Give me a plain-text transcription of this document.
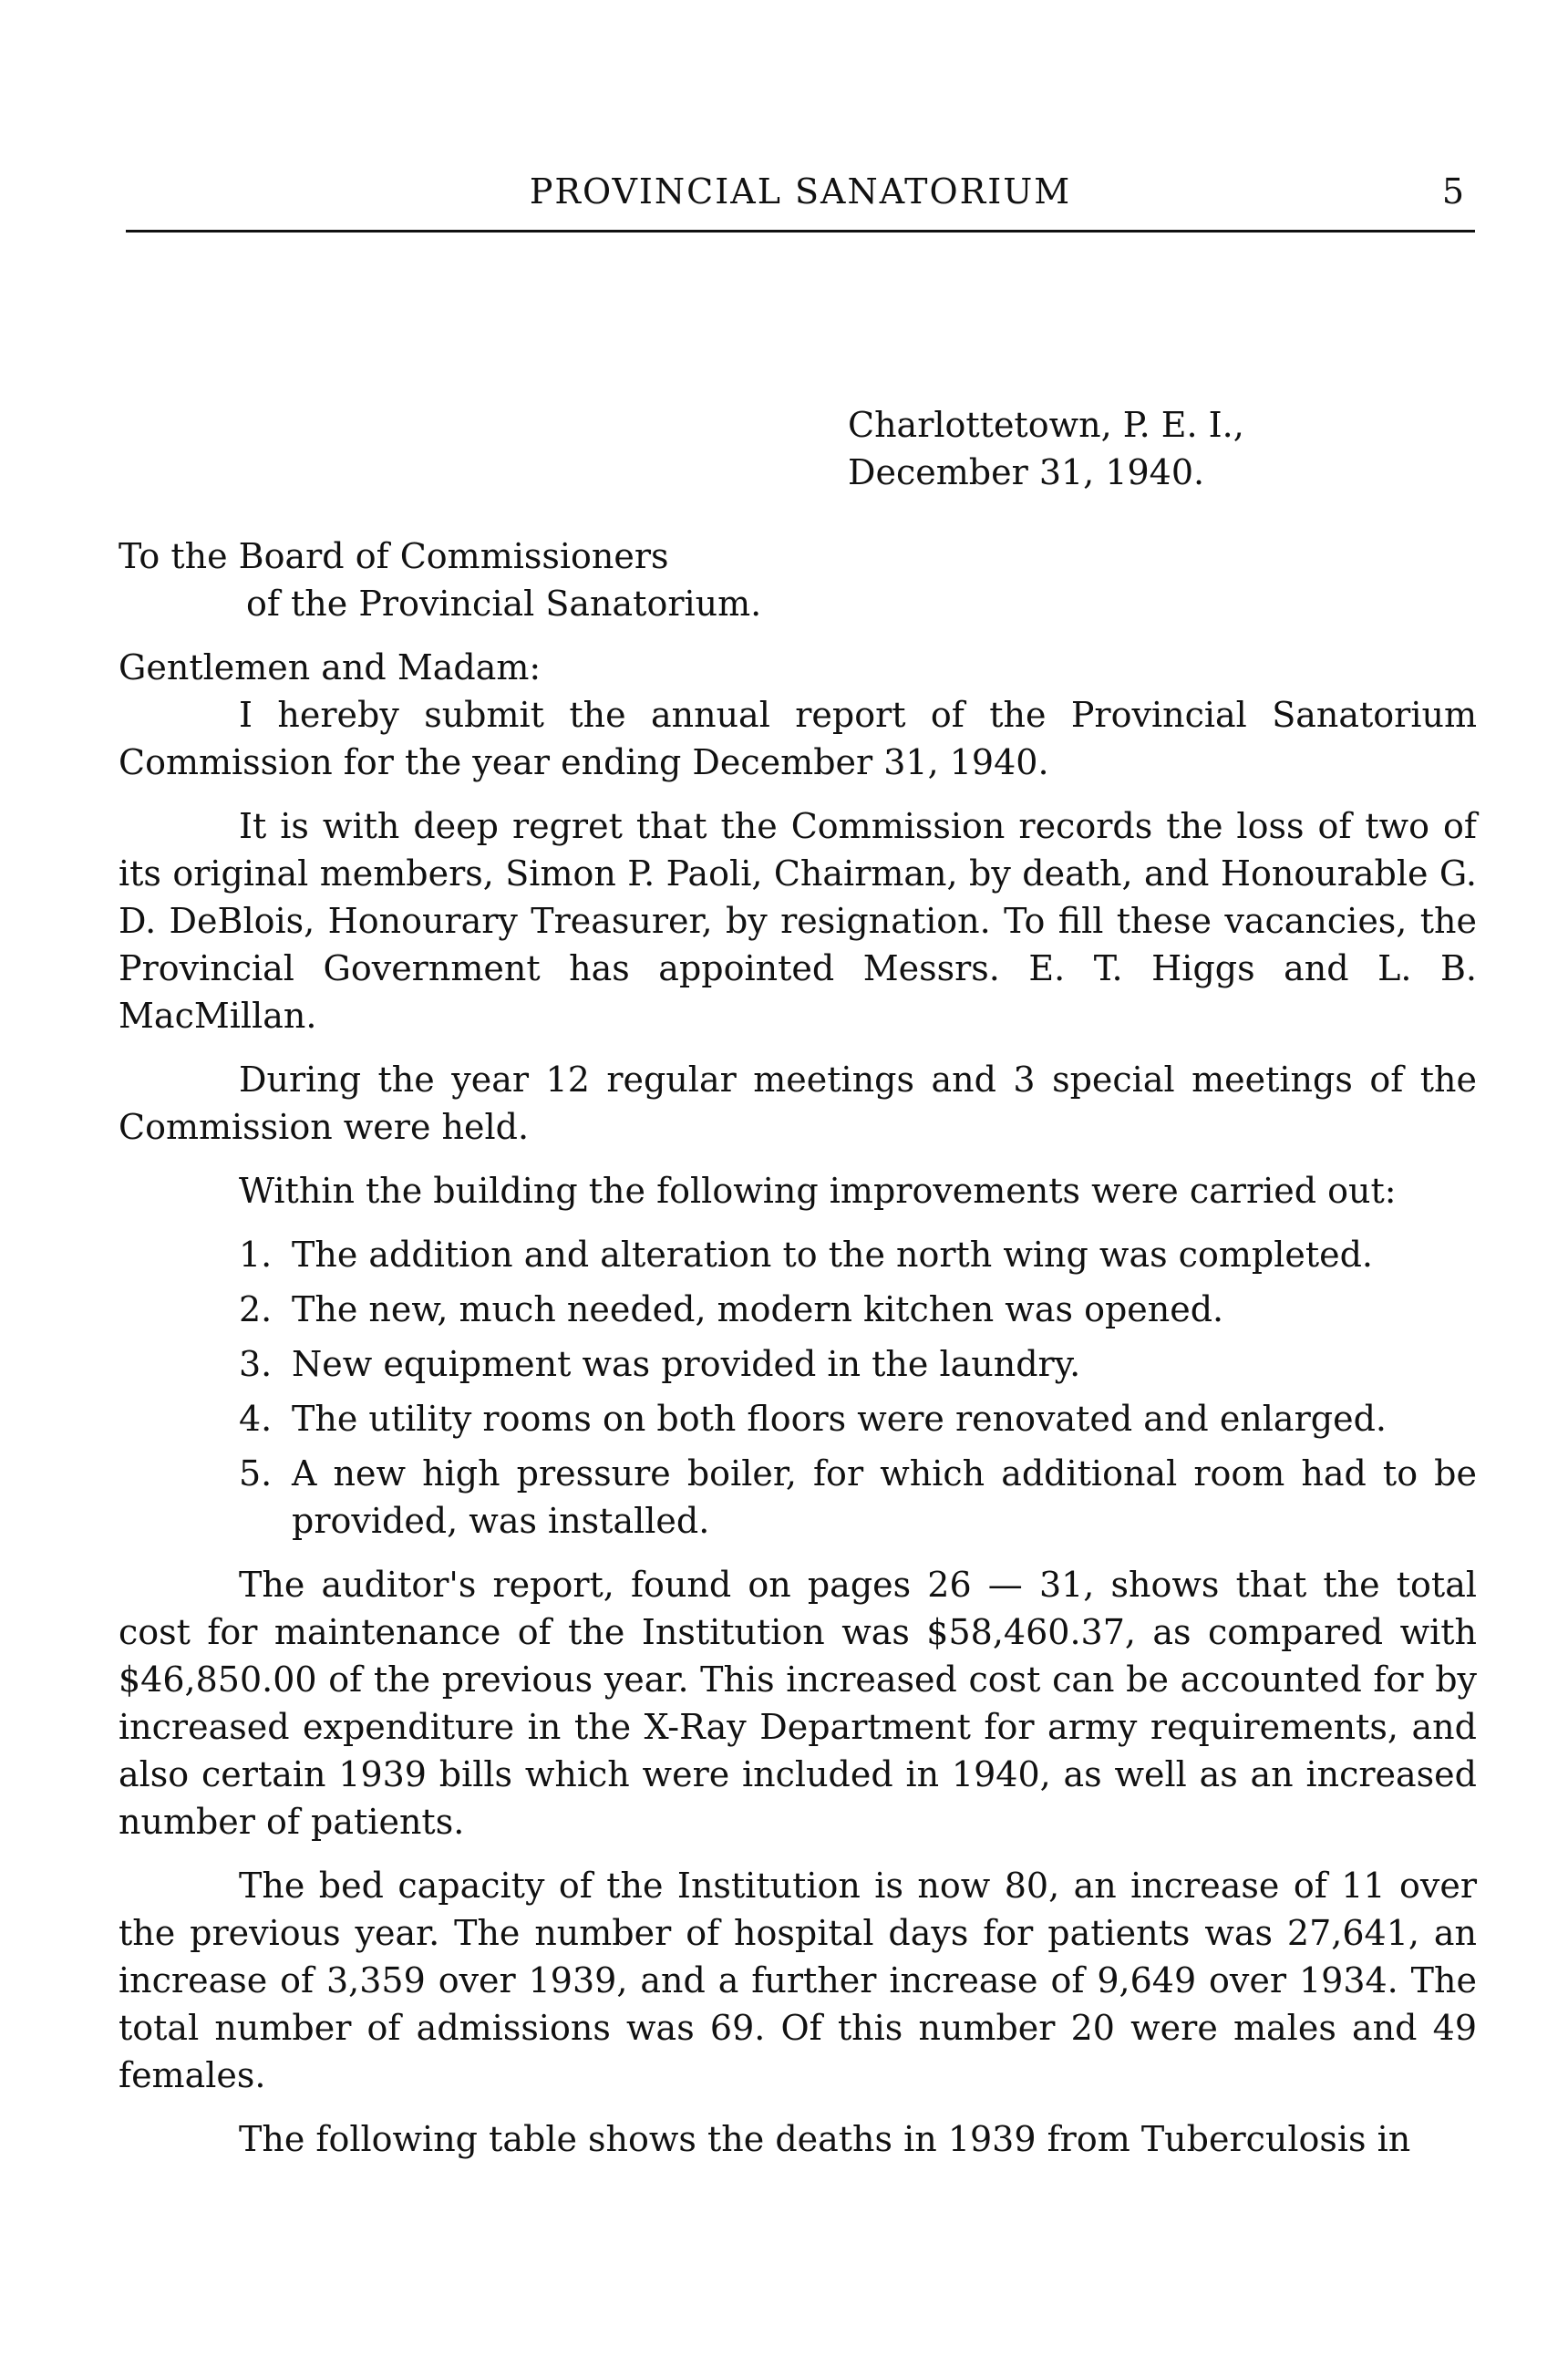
PROVINCIAL SANATORIUM	5
Charlottetown, P. E. I.,
December 31, 1940.
To the Board of Commissioners
of the Provincial Sanatorium.
Gentlemen and Madam:

I hereby submit the annual report of the Provincial Sanatorium Commission for the year ending December 31, 1940.

It is with deep regret that the Commission records the loss of two of its original members, Simon P. Paoli, Chairman, by death, and Honourable G. D. DeBlois, Honourary Treasurer, by resignation. To fill these vacancies, the Provincial Government has appointed Messrs. E. T. Higgs and L. B. MacMillan.

During the year 12 regular meetings and 3 special meetings of the Commission were held.

Within the building the following improvements were carried out:

1. The addition and alteration to the north wing was completed.
2. The new, much needed, modern kitchen was opened.
3. New equipment was provided in the laundry.
4. The utility rooms on both floors were renovated and enlarged.
5. A new high pressure boiler, for which additional room had to be provided, was installed.

The auditor's report, found on pages 26 — 31, shows that the total cost for maintenance of the Institution was $58,460.37, as compared with $46,850.00 of the previous year. This increased cost can be accounted for by increased expenditure in the X-Ray Department for army requirements, and also certain 1939 bills which were included in 1940, as well as an increased number of patients.

The bed capacity of the Institution is now 80, an increase of 11 over the previous year. The number of hospital days for patients was 27,641, an increase of 3,359 over 1939, and a further increase of 9,649 over 1934. The total number of admissions was 69. Of this number 20 were males and 49 females.

The following table shows the deaths in 1939 from Tuberculosis in
